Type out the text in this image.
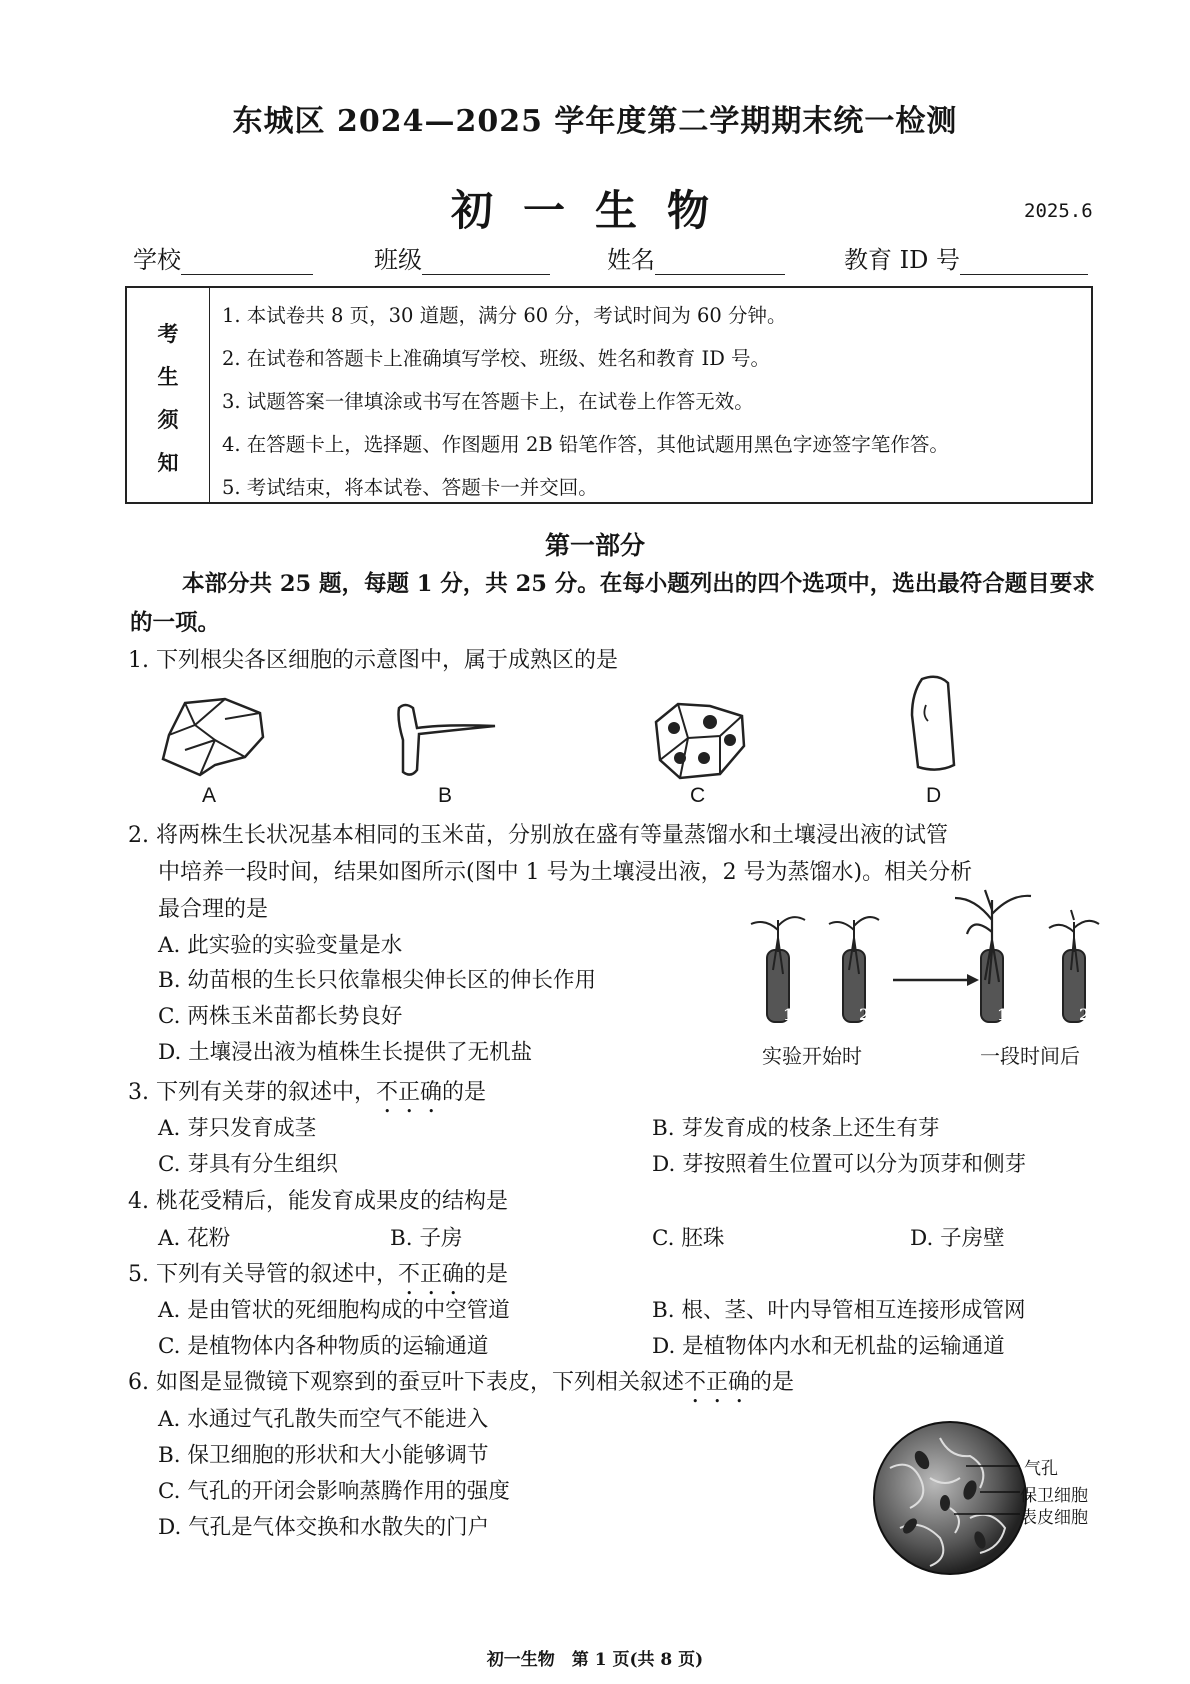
东城区 2024—2025 学年度第二学期期末统一检测
初一生物	2025.6
学校	班级	姓名	教育 ID 号
考
生
须
知
1. 本试卷共 8 页，30 道题，满分 60 分，考试时间为 60 分钟。
2. 在试卷和答题卡上准确填写学校、班级、姓名和教育 ID 号。
3. 试题答案一律填涂或书写在答题卡上，在试卷上作答无效。
4. 在答题卡上，选择题、作图题用 2B 铅笔作答，其他试题用黑色字迹签字笔作答。
5. 考试结束，将本试卷、答题卡一并交回。
第一部分
本部分共 25 题，每题 1 分，共 25 分。在每小题列出的四个选项中，选出最符合题目要求的一项。
1. 下列根尖各区细胞的示意图中，属于成熟区的是
A	B	C	D
2. 将两株生长状况基本相同的玉米苗，分别放在盛有等量蒸馏水和土壤浸出液的试管
中培养一段时间，结果如图所示(图中 1 号为土壤浸出液，2 号为蒸馏水)。相关分析
最合理的是
A. 此实验的实验变量是水
B. 幼苗根的生长只依靠根尖伸长区的伸长作用
C. 两株玉米苗都长势良好
D. 土壤浸出液为植株生长提供了无机盐
1	2	1	2
实验开始时	一段时间后
3. 下列有关芽的叙述中，不正确的是
A. 芽只发育成茎	B. 芽发育成的枝条上还生有芽
C. 芽具有分生组织	D. 芽按照着生位置可以分为顶芽和侧芽
4. 桃花受精后，能发育成果皮的结构是
A. 花粉	B. 子房	C. 胚珠	D. 子房壁
5. 下列有关导管的叙述中，不正确的是
A. 是由管状的死细胞构成的中空管道	B. 根、茎、叶内导管相互连接形成管网
C. 是植物体内各种物质的运输通道	D. 是植物体内水和无机盐的运输通道
6. 如图是显微镜下观察到的蚕豆叶下表皮，下列相关叙述不正确的是
A. 水通过气孔散失而空气不能进入
B. 保卫细胞的形状和大小能够调节
C. 气孔的开闭会影响蒸腾作用的强度
D. 气孔是气体交换和水散失的门户
气孔
保卫细胞
表皮细胞
初一生物　第 1 页(共 8 页)
